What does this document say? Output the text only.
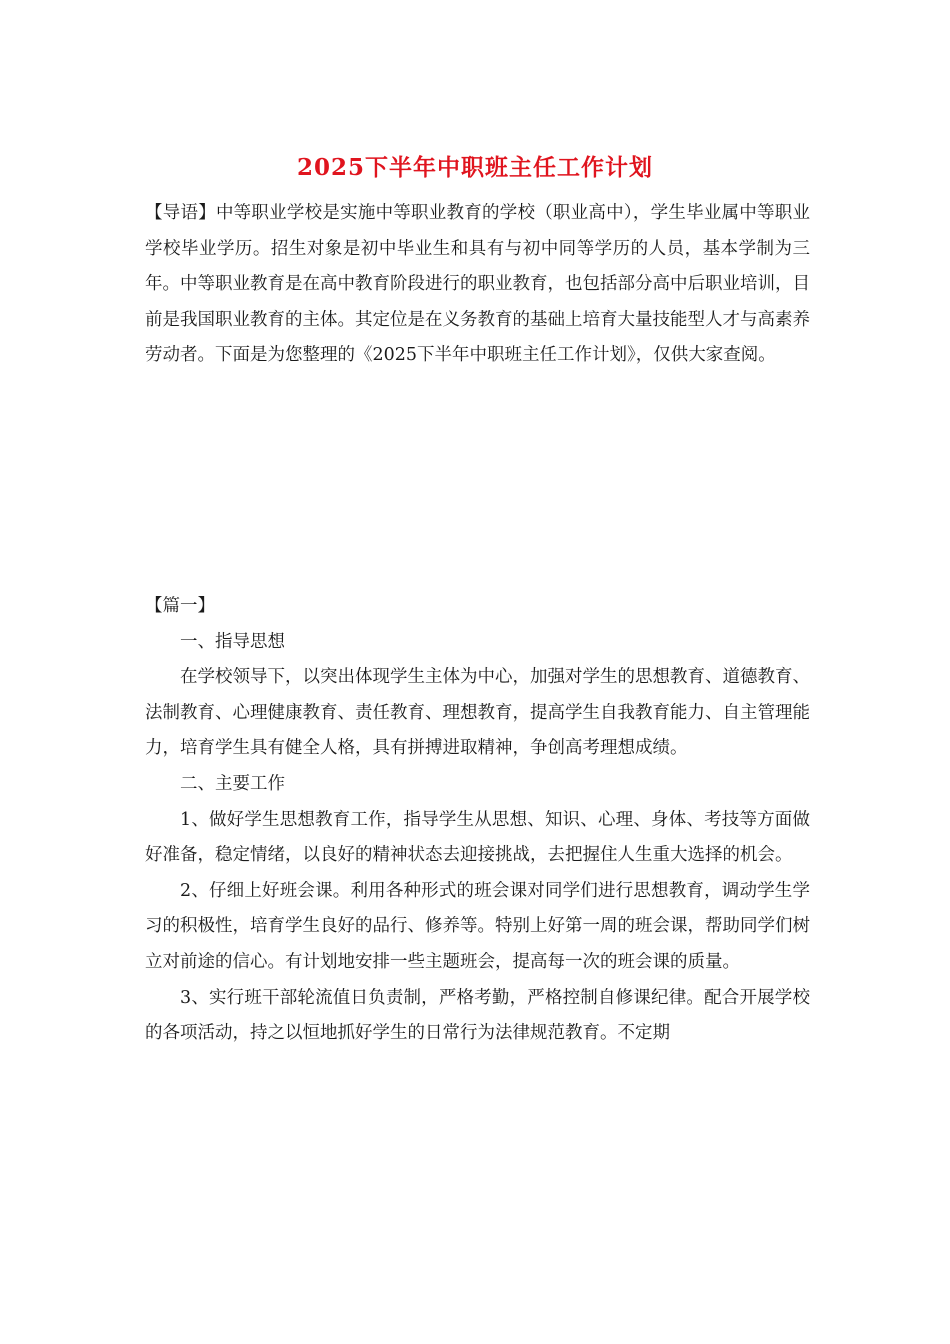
2025下半年中职班主任工作计划
【导语】中等职业学校是实施中等职业教育的学校（职业高中），学生毕业属中等职业学校毕业学历。招生对象是初中毕业生和具有与初中同等学历的人员，基本学制为三年。中等职业教育是在高中教育阶段进行的职业教育，也包括部分高中后职业培训，目前是我国职业教育的主体。其定位是在义务教育的基础上培育大量技能型人才与高素养劳动者。下面是为您整理的《2025下半年中职班主任工作计划》，仅供大家查阅。

【篇一】

一、指导思想

在学校领导下，以突出体现学生主体为中心，加强对学生的思想教育、道德教育、法制教育、心理健康教育、责任教育、理想教育，提高学生自我教育能力、自主管理能力，培育学生具有健全人格，具有拼搏进取精神，争创高考理想成绩。

二、主要工作

1、做好学生思想教育工作，指导学生从思想、知识、心理、身体、考技等方面做好准备，稳定情绪，以良好的精神状态去迎接挑战，去把握住人生重大选择的机会。

2、仔细上好班会课。利用各种形式的班会课对同学们进行思想教育，调动学生学习的积极性，培育学生良好的品行、修养等。特别上好第一周的班会课，帮助同学们树立对前途的信心。有计划地安排一些主题班会，提高每一次的班会课的质量。

3、实行班干部轮流值日负责制，严格考勤，严格控制自修课纪律。配合开展学校的各项活动，持之以恒地抓好学生的日常行为法律规范教育。不定期
